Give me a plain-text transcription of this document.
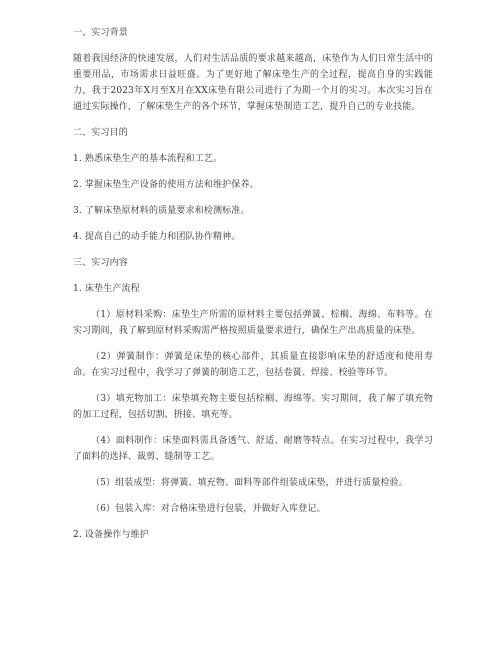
一、实习背景

随着我国经济的快速发展，人们对生活品质的要求越来越高，床垫作为人们日常生活中的重要用品，市场需求日益旺盛。为了更好地了解床垫生产的全过程，提高自身的实践能力，我于2023年X月至X月在XX床垫有限公司进行了为期一个月的实习。本次实习旨在通过实际操作，了解床垫生产的各个环节，掌握床垫制造工艺，提升自己的专业技能。

二、实习目的

1. 熟悉床垫生产的基本流程和工艺。

2. 掌握床垫生产设备的使用方法和维护保养。

3. 了解床垫原材料的质量要求和检测标准。

4. 提高自己的动手能力和团队协作精神。

三、实习内容

1. 床垫生产流程

（1）原材料采购：床垫生产所需的原材料主要包括弹簧、棕榈、海绵、布料等。在实习期间，我了解到原材料采购需严格按照质量要求进行，确保生产出高质量的床垫。

（2）弹簧制作：弹簧是床垫的核心部件，其质量直接影响床垫的舒适度和使用寿命。在实习过程中，我学习了弹簧的制造工艺，包括卷簧、焊接、校验等环节。

（3）填充物加工：床垫填充物主要包括棕榈、海绵等。实习期间，我了解了填充物的加工过程，包括切割、拼接、填充等。

（4）面料制作：床垫面料需具备透气、舒适、耐磨等特点。在实习过程中，我学习了面料的选择、裁剪、缝制等工艺。

（5）组装成型：将弹簧、填充物、面料等部件组装成床垫，并进行质量检验。

（6）包装入库：对合格床垫进行包装，并做好入库登记。

2. 设备操作与维护
